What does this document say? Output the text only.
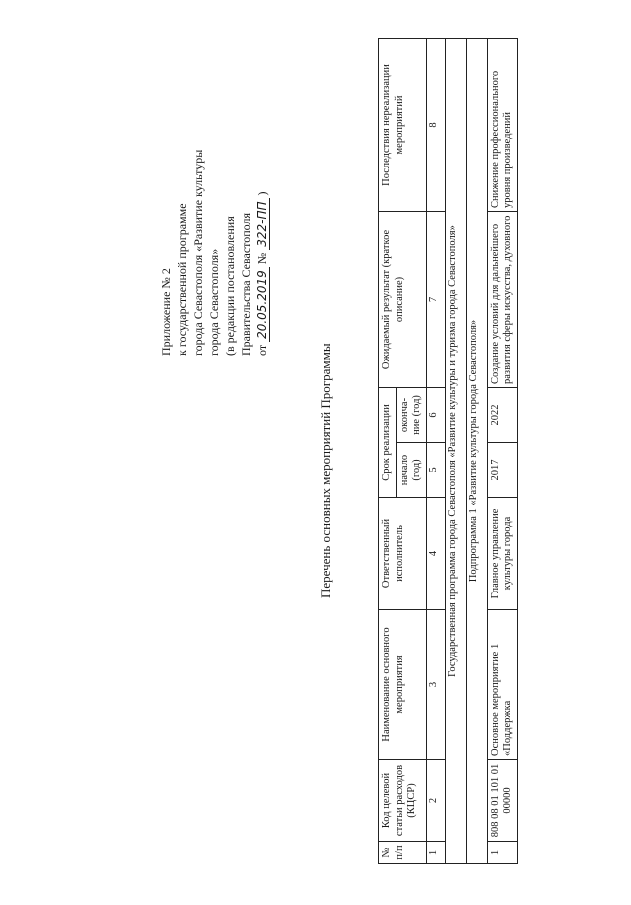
Приложение № 2 к государственной программе города Севастополя «Развитие культуры города Севастополя» (в редакции постановления Правительства Севастополя от 20.05.2019 № 322-ПП )
Перечень основных мероприятий Программы
№ п/п	Код целевой статьи расходов (КЦСР)	Наименование основного мероприятия	Ответственный исполнитель	Срок реализации		Ожидаемый результат (краткое описание)	Последствия нереализации мероприятий
				начало (год)	оконча-ние (год)		
1	2	3	4	5	6	7	8
Государственная программа города Севастополя «Развитие культуры и туризма города Севастополя»							
Подпрограмма 1 «Развитие культуры города Севастополя»							
1	808 08 01 101 01 00000	Основное мероприятие 1 «Поддержка	Главное управление культуры города	2017	2022	Создание условий для дальнейшего развития сферы искусства, духовного	Снижение профессионального уровня произведений
